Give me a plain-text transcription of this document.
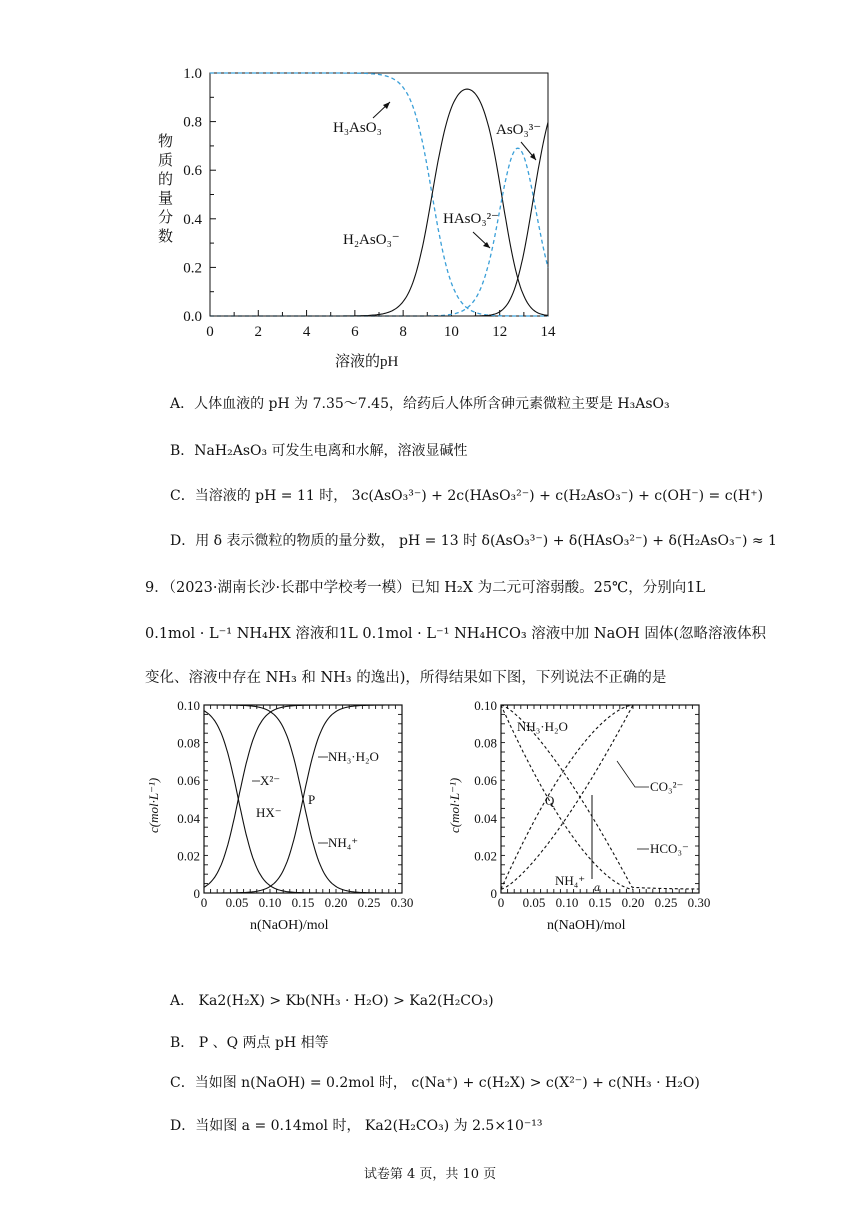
0	2	4	6	8 10 12 14
0.0
0.2
0.4
0.6
0.8
1.0
物质的量分数
溶液的pH
H₃AsO₃
H₂AsO₃⁻
HAsO₃²⁻
AsO₃³⁻
A．人体血液的 pH 为 7.35～7.45，给药后人体所含砷元素微粒主要是 H₃AsO₃
B．NaH₂AsO₃ 可发生电离和水解，溶液显碱性
C．当溶液的 pH = 11 时， 3c(AsO₃³⁻) + 2c(HAsO₃²⁻) + c(H₂AsO₃⁻) + c(OH⁻) = c(H⁺)
D．用 δ 表示微粒的物质的量分数， pH = 13 时 δ(AsO₃³⁻) + δ(HAsO₃²⁻) + δ(H₂AsO₃⁻) ≈ 1
9．（2023·湖南长沙·长郡中学校考一模）已知 H₂X 为二元可溶弱酸。25℃，分别向1L
0.1mol · L⁻¹ NH₄HX 溶液和1L 0.1mol · L⁻¹ NH₄HCO₃ 溶液中加 NaOH 固体(忽略溶液体积
变化、溶液中存在 NH₃ 和 NH₃ 的逸出)，所得结果如下图，下列说法不正确的是
0 0.05 0.10 0.15 0.20 0.25 0.30
0
0.02
0.04
0.06
0.08
0.10
c(mol·L⁻¹)
n(NaOH)/mol
X²⁻
HX⁻
P
NH₃·H₂O
NH₄⁺
0 0.05 0.10 0.15 0.20 0.25 0.30
0
0.02
0.04
0.06
0.08
0.10
c(mol·L⁻¹)
n(NaOH)/mol
NH₃·H₂O
Q
CO₃²⁻
HCO₃⁻
NH₄⁺ a
A． Ka2(H₂X) > Kb(NH₃ · H₂O) > Ka2(H₂CO₃)
B． P 、Q 两点 pH 相等
C．当如图 n(NaOH) = 0.2mol 时， c(Na⁺) + c(H₂X) > c(X²⁻) + c(NH₃ · H₂O)
D．当如图 a = 0.14mol 时， Ka2(H₂CO₃) 为 2.5×10⁻¹³
试卷第 4 页，共 10 页
